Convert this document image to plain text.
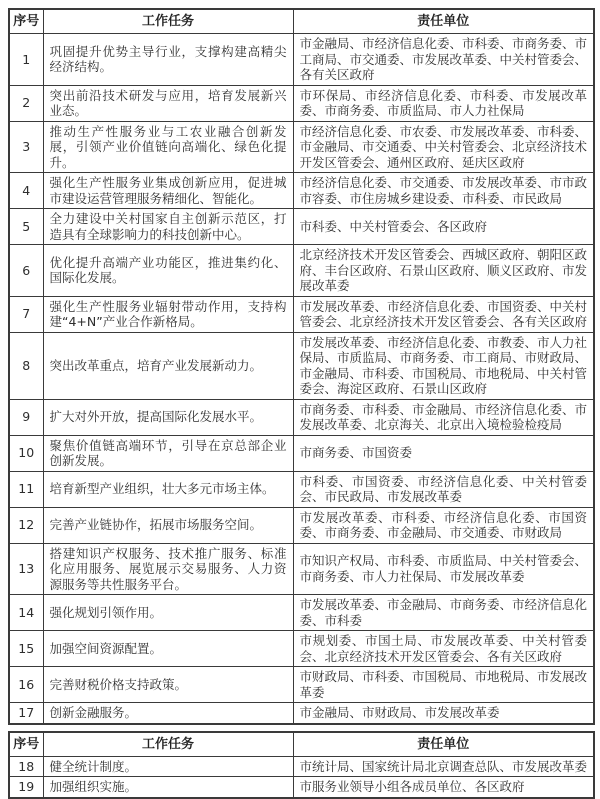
序号	工作任务	责任单位
1	巩固提升优势主导行业，支撑构建高精尖经济结构。	市金融局、市经济信息化委、市科委、市商务委、市工商局、市交通委、市发展改革委、中关村管委会、各有关区政府
2	突出前沿技术研发与应用，培育发展新兴业态。	市环保局、市经济信息化委、市科委、市发展改革委、市商务委、市质监局、市人力社保局
3	推动生产性服务业与工农业融合创新发展，引领产业价值链向高端化、绿色化提升。	市经济信息化委、市农委、市发展改革委、市科委、市金融局、市交通委、中关村管委会、北京经济技术开发区管委会、通州区政府、延庆区政府
4	强化生产性服务业集成创新应用，促进城市建设运营管理服务精细化、智能化。	市经济信息化委、市交通委、市发展改革委、市市政市容委、市住房城乡建设委、市科委、市民政局
5	全力建设中关村国家自主创新示范区，打造具有全球影响力的科技创新中心。	市科委、中关村管委会、各区政府
6	优化提升高端产业功能区，推进集约化、国际化发展。	北京经济技术开发区管委会、西城区政府、朝阳区政府、丰台区政府、石景山区政府、顺义区政府、市发展改革委
7	强化生产性服务业辐射带动作用，支持构建“4+N”产业合作新格局。	市发展改革委、市经济信息化委、市国资委、中关村管委会、北京经济技术开发区管委会、各有关区政府
8	突出改革重点，培育产业发展新动力。	市发展改革委、市经济信息化委、市教委、市人力社保局、市质监局、市商务委、市工商局、市财政局、市金融局、市科委、市国税局、市地税局、中关村管委会、海淀区政府、石景山区政府
9	扩大对外开放，提高国际化发展水平。	市商务委、市科委、市金融局、市经济信息化委、市发展改革委、北京海关、北京出入境检验检疫局
10	聚焦价值链高端环节，引导在京总部企业创新发展。	市商务委、市国资委
11	培育新型产业组织，壮大多元市场主体。	市科委、市国资委、市经济信息化委、中关村管委会、市民政局、市发展改革委
12	完善产业链协作，拓展市场服务空间。	市发展改革委、市科委、市经济信息化委、市国资委、市商务委、市金融局、市交通委、市财政局
13	搭建知识产权服务、技术推广服务、标准化应用服务、展览展示交易服务、人力资源服务等共性服务平台。	市知识产权局、市科委、市质监局、中关村管委会、市商务委、市人力社保局、市发展改革委
14	强化规划引领作用。	市发展改革委、市金融局、市商务委、市经济信息化委、市科委
15	加强空间资源配置。	市规划委、市国土局、市发展改革委、中关村管委会、北京经济技术开发区管委会、各有关区政府
16	完善财税价格支持政策。	市财政局、市科委、市国税局、市地税局、市发展改革委
17	创新金融服务。	市金融局、市财政局、市发展改革委
序号	工作任务	责任单位
18	健全统计制度。	市统计局、国家统计局北京调查总队、市发展改革委
19	加强组织实施。	市服务业领导小组各成员单位、各区政府
